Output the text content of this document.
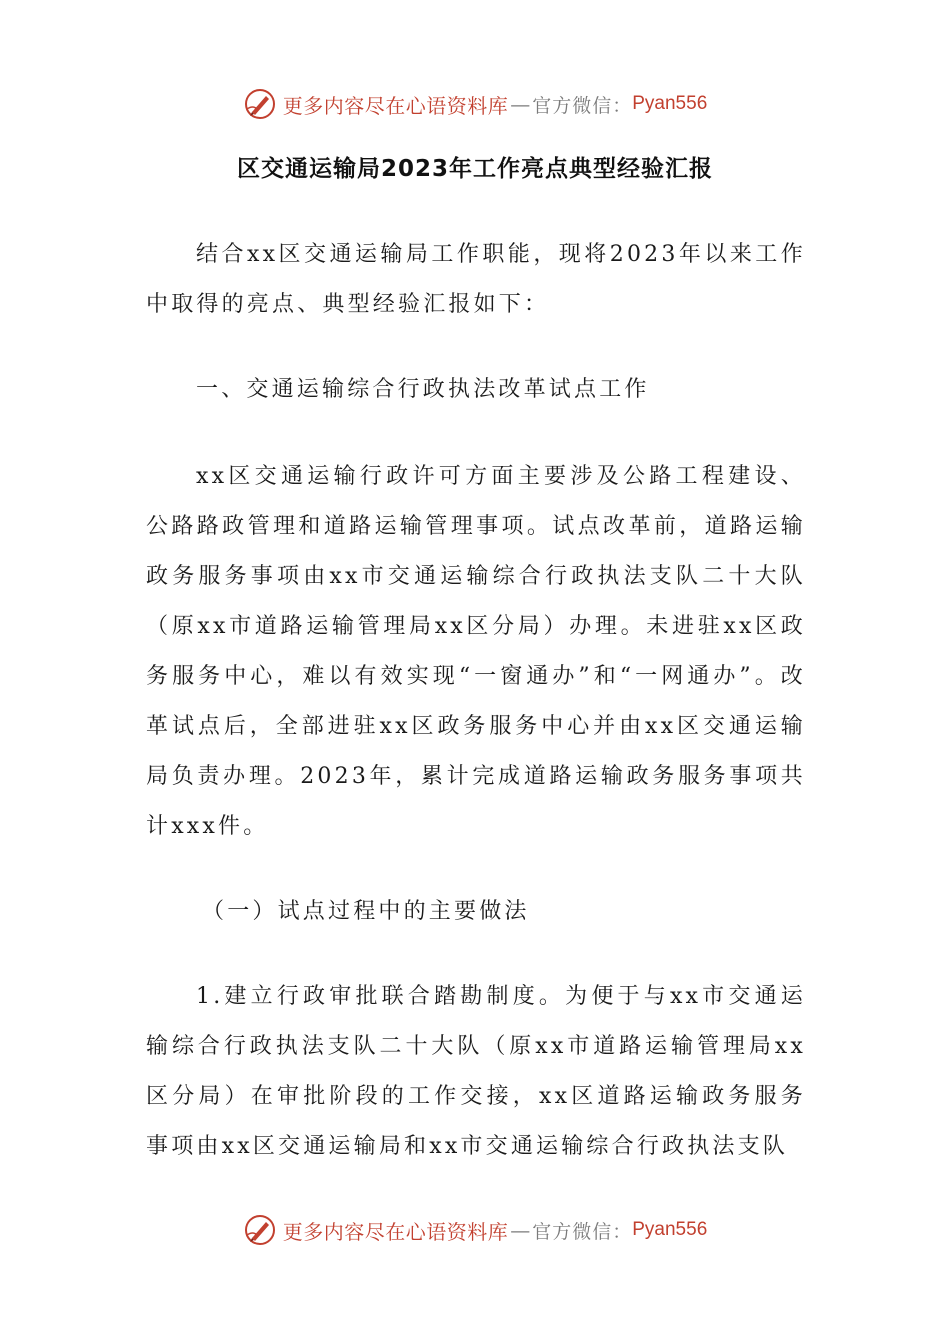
更多内容尽在心语资料库 — 官方微信： Pyan556
区交通运输局2023年工作亮点典型经验汇报

结合xx区交通运输局工作职能，现将2023年以来工作中取得的亮点、典型经验汇报如下：

一、交通运输综合行政执法改革试点工作

xx区交通运输行政许可方面主要涉及公路工程建设、公路路政管理和道路运输管理事项。试点改革前，道路运输政务服务事项由xx市交通运输综合行政执法支队二十大队（原xx市道路运输管理局xx区分局）办理。未进驻xx区政务服务中心，难以有效实现“一窗通办”和“一网通办”。改革试点后，全部进驻xx区政务服务中心并由xx区交通运输局负责办理。2023年，累计完成道路运输政务服务事项共计xxx件。

（一）试点过程中的主要做法

1.建立行政审批联合踏勘制度。为便于与xx市交通运输综合行政执法支队二十大队（原xx市道路运输管理局xx区分局）在审批阶段的工作交接，xx区道路运输政务服务事项由xx区交通运输局和xx市交通运输综合行政执法支队

更多内容尽在心语资料库 — 官方微信： Pyan556
